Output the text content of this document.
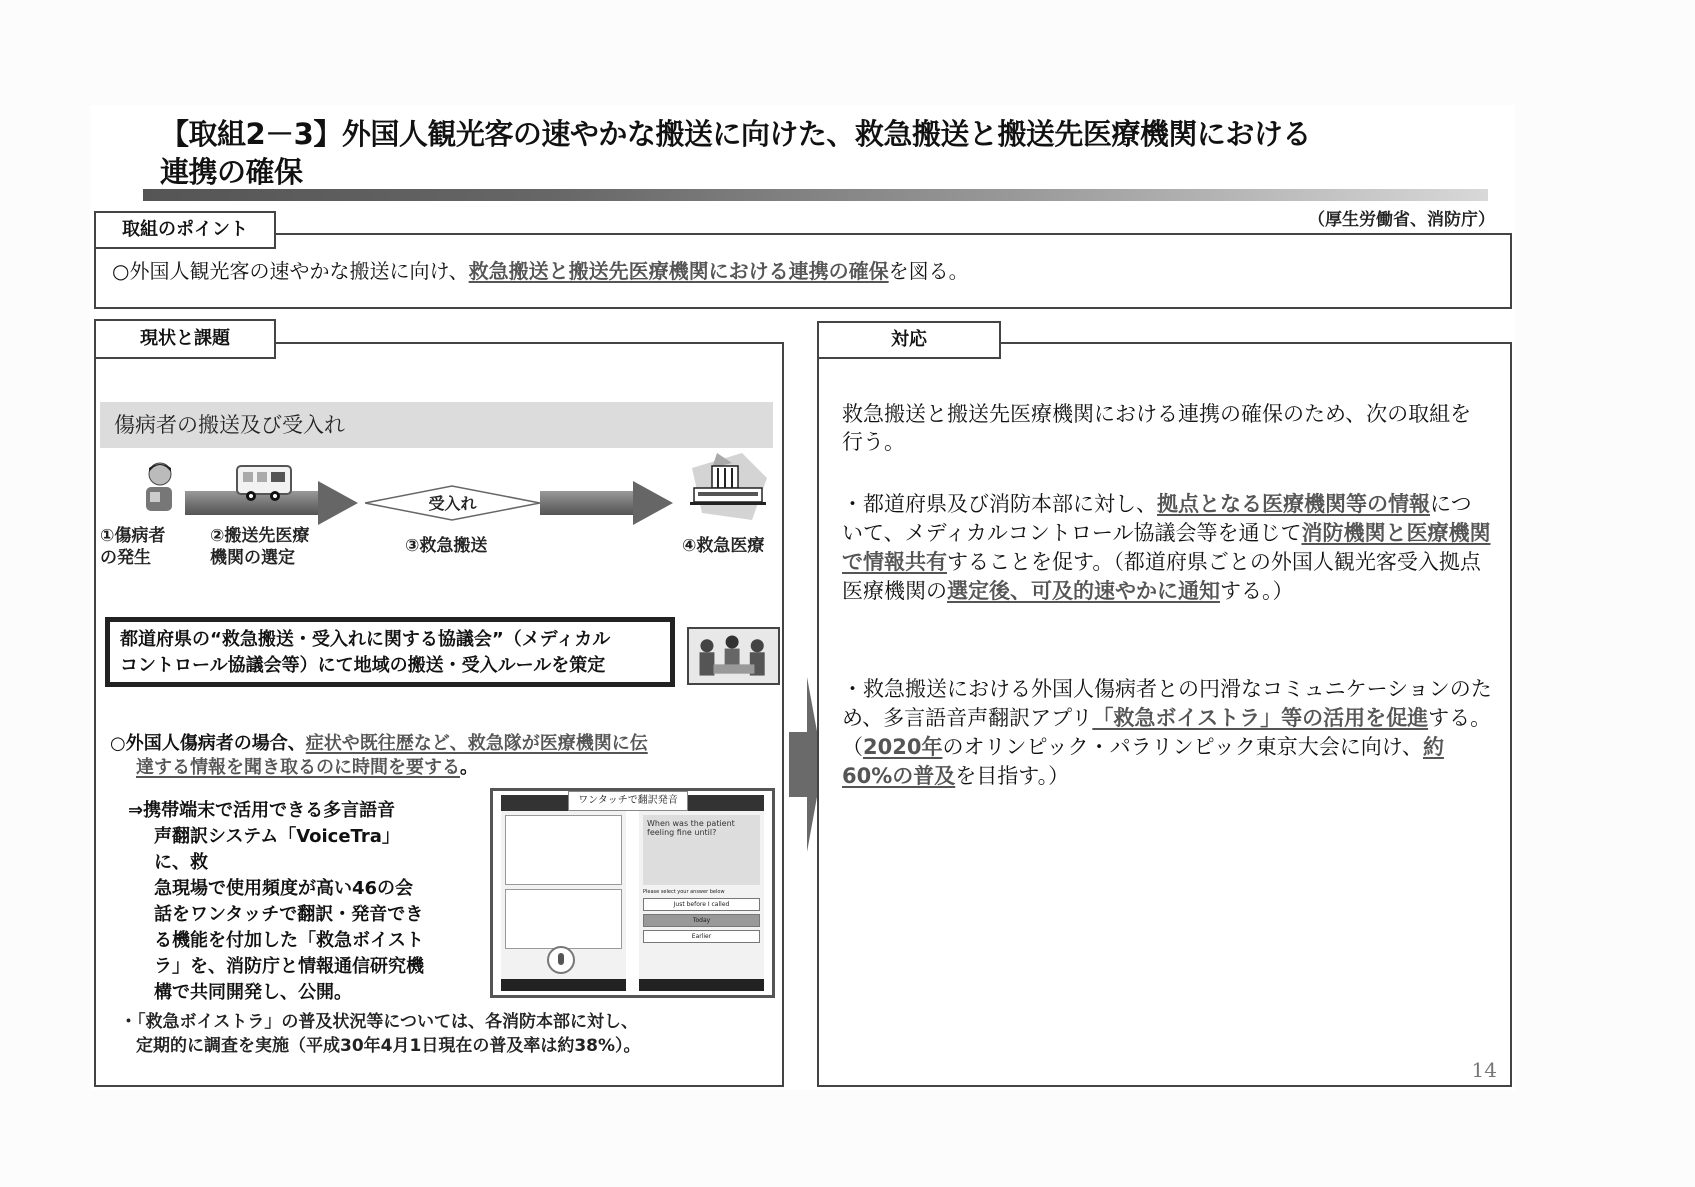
【取組2－3】外国人観光客の速やかな搬送に向けた、救急搬送と搬送先医療機関における
連携の確保
（厚生労働省、消防庁）
取組のポイント
○外国人観光客の速やかな搬送に向け、救急搬送と搬送先医療機関における連携の確保を図る。
現状と課題
傷病者の搬送及び受入れ
受入れ
①傷病者
の発生
②搬送先医療
機関の選定
③救急搬送	④救急医療
都道府県の“救急搬送・受入れに関する協議会”（メディカル
コントロール協議会等）にて地域の搬送・受入ルールを策定
○外国人傷病者の場合、症状や既往歴など、救急隊が医療機関に伝
達する情報を聞き取るのに時間を要する。
⇒携帯端末で活用できる多言語音
声翻訳システム「VoiceTra」に、救
急現場で使用頻度が高い46の会
話をワンタッチで翻訳・発音でき
る機能を付加した「救急ボイスト
ラ」を、消防庁と情報通信研究機
構で共同開発し、公開。
ワンタッチで翻訳発音
When was the patient feeling fine until?
Please select your answer below
Just before I called
Today
Earlier
・「救急ボイストラ」の普及状況等については、各消防本部に対し、
定期的に調査を実施（平成30年4月1日現在の普及率は約38%）。
対応
救急搬送と搬送先医療機関における連携の確保のため、次の取組を行う。
・都道府県及び消防本部に対し、拠点となる医療機関等の情報について、メディカルコントロール協議会等を通じて消防機関と医療機関で情報共有することを促す。（都道府県ごとの外国人観光客受入拠点医療機関の選定後、可及的速やかに通知する。）
・救急搬送における外国人傷病者との円滑なコミュニケーションのため、多言語音声翻訳アプリ「救急ボイストラ」等の活用を促進する。（2020年のオリンピック・パラリンピック東京大会に向け、約60%の普及を目指す。）
14
